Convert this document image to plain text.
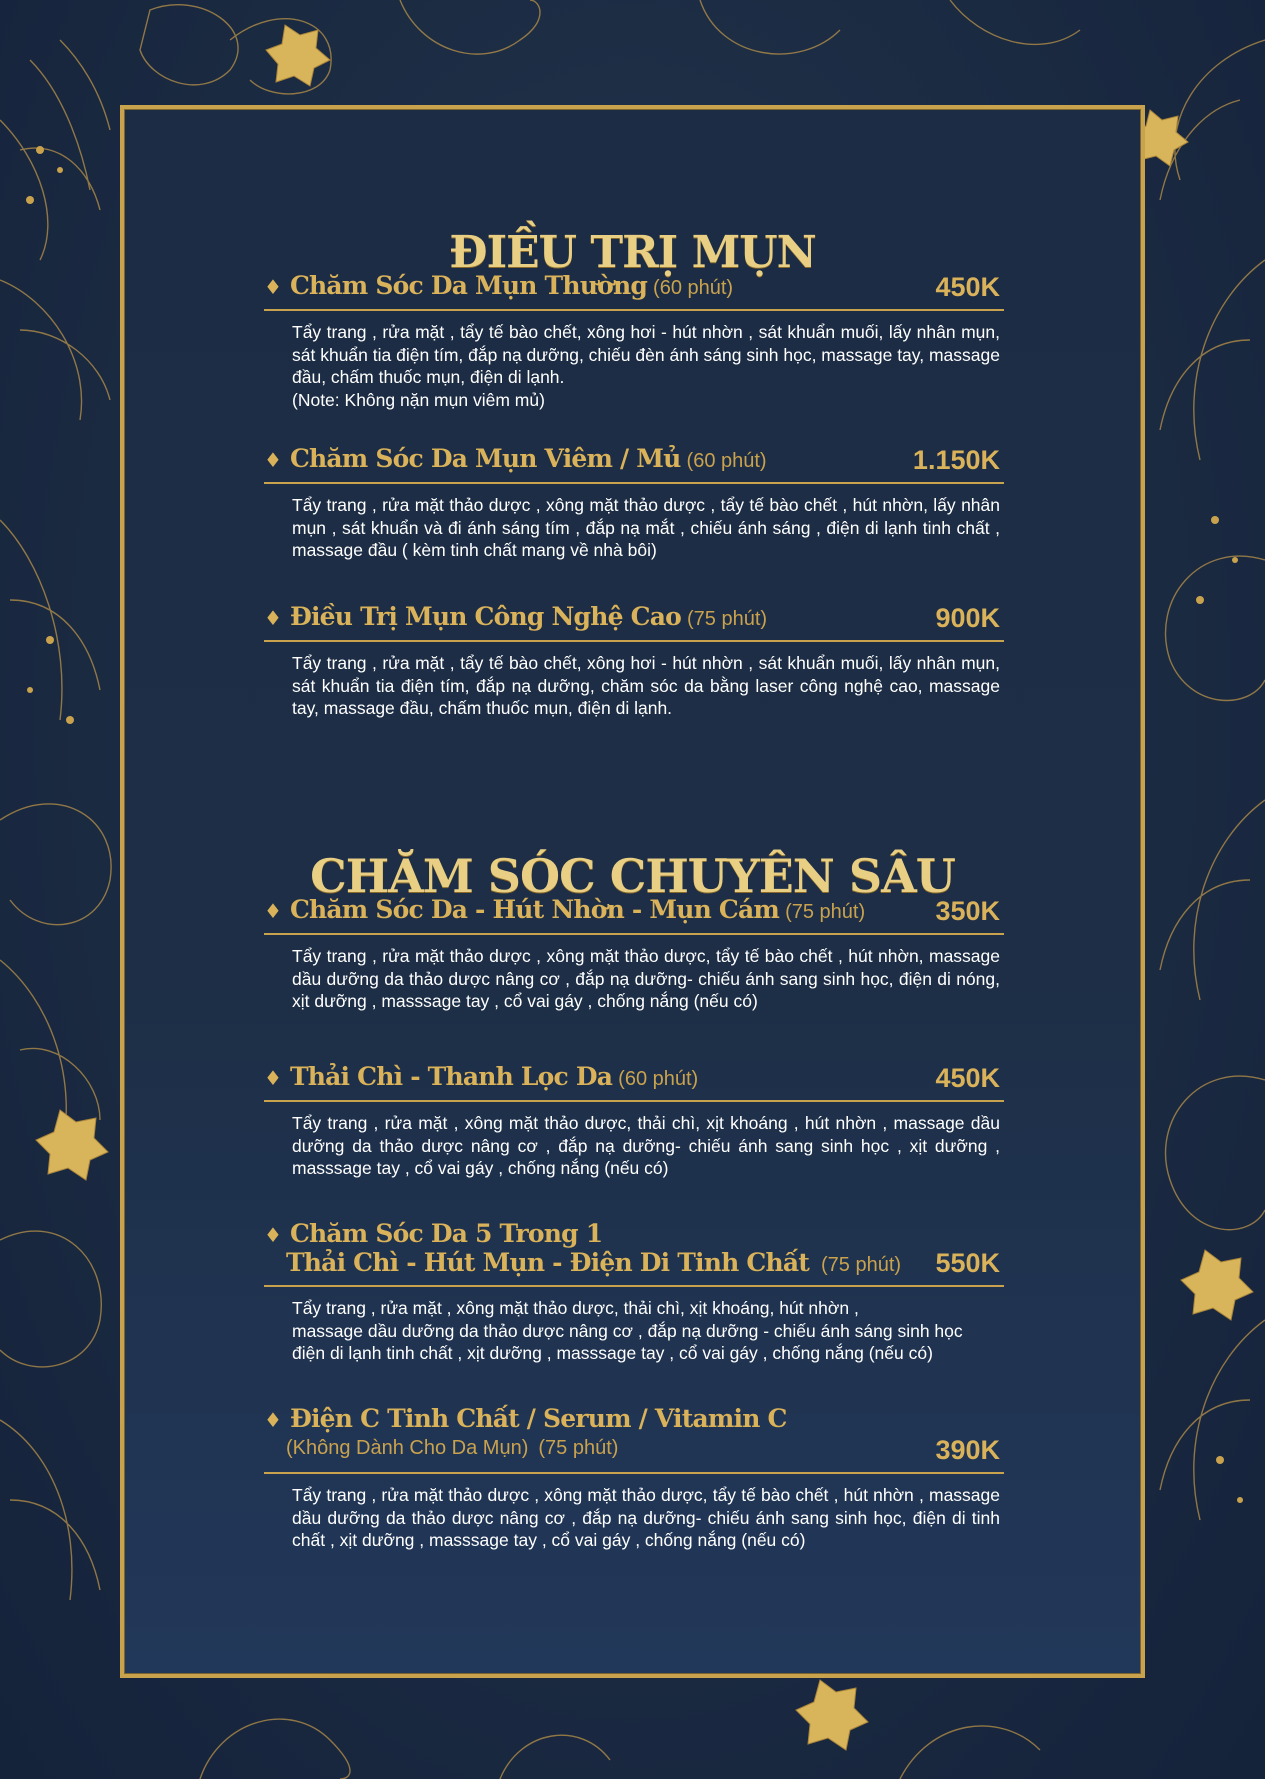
ĐIỀU TRỊ MỤN
♦ Chăm Sóc Da Mụn Thường (60 phút)	450K
Tẩy trang , rửa mặt , tẩy tế bào chết, xông hơi - hút nhờn , sát khuẩn muối, lấy nhân mụn, sát khuẩn tia điện tím, đắp nạ dưỡng, chiếu đèn ánh sáng sinh học, massage tay, massage đầu, chấm thuốc mụn, điện di lạnh.
(Note: Không nặn mụn viêm mủ)
♦ Chăm Sóc Da Mụn Viêm / Mủ (60 phút)	1.150K
Tẩy trang , rửa mặt thảo dược , xông mặt thảo dược , tẩy tế bào chết , hút nhờn, lấy nhân mụn , sát khuẩn và đi ánh sáng tím , đắp nạ mắt , chiếu ánh sáng , điện di lạnh tinh chất , massage đầu ( kèm tinh chất mang về nhà bôi)
♦ Điều Trị Mụn Công Nghệ Cao (75 phút)	900K
Tẩy trang , rửa mặt , tẩy tế bào chết, xông hơi - hút nhờn , sát khuẩn muối, lấy nhân mụn, sát khuẩn tia điện tím, đắp nạ dưỡng, chăm sóc da bằng laser công nghệ cao, massage tay, massage đầu, chấm thuốc mụn, điện di lạnh.
CHĂM SÓC CHUYÊN SÂU
♦ Chăm Sóc Da - Hút Nhờn - Mụn Cám (75 phút)	350K
Tẩy trang , rửa mặt thảo dược , xông mặt thảo dược, tẩy tế bào chết , hút nhờn, massage dầu dưỡng da thảo dược nâng cơ , đắp nạ dưỡng- chiếu ánh sang sinh học, điện di nóng, xịt dưỡng , masssage tay , cổ vai gáy , chống nắng (nếu có)
♦ Thải Chì - Thanh Lọc Da (60 phút)	450K
Tẩy trang , rửa mặt , xông mặt thảo dược, thải chì, xịt khoáng , hút nhờn , massage dầu dưỡng da thảo dược nâng cơ , đắp nạ dưỡng- chiếu ánh sang sinh học , xịt dưỡng , masssage tay , cổ vai gáy , chống nắng (nếu có)
♦ Chăm Sóc Da 5 Trong 1
Thải Chì - Hút Mụn - Điện Di Tinh Chất (75 phút) 550K
Tẩy trang , rửa mặt , xông mặt thảo dược, thải chì, xịt khoáng, hút nhờn ,
massage dầu dưỡng da thảo dược nâng cơ , đắp nạ dưỡng - chiếu ánh sáng sinh học
điện di lạnh tinh chất , xịt dưỡng , masssage tay , cổ vai gáy , chống nắng (nếu có)
♦ Điện C Tinh Chất / Serum / Vitamin C
(Không Dành Cho Da Mụn) (75 phút)	390K
Tẩy trang , rửa mặt thảo dược , xông mặt thảo dược, tẩy tế bào chết , hút nhờn , massage dầu dưỡng da thảo dược nâng cơ , đắp nạ dưỡng- chiếu ánh sang sinh học, điện di tinh chất , xịt dưỡng , masssage tay , cổ vai gáy , chống nắng (nếu có)
